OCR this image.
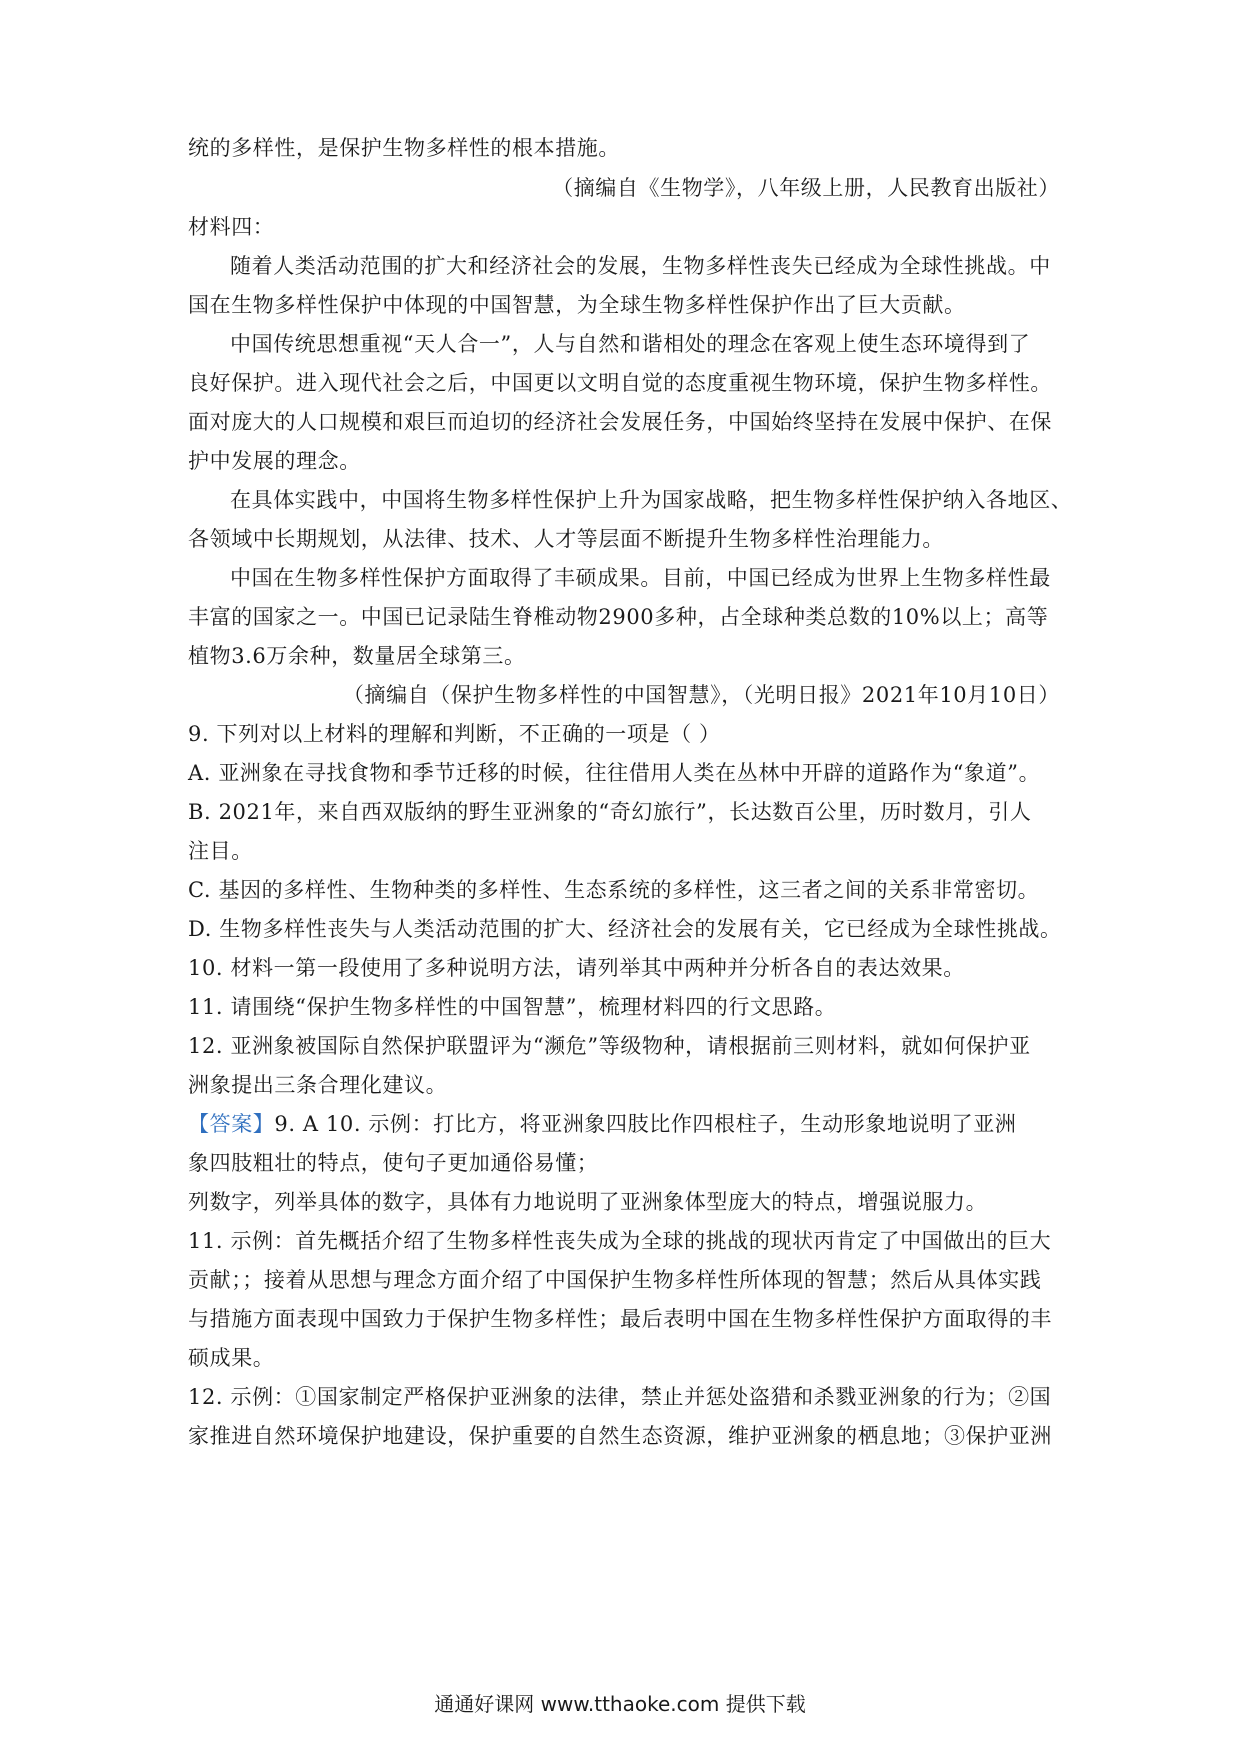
统的多样性，是保护生物多样性的根本措施。
（摘编自《生物学》，八年级上册，人民教育出版社）
材料四：
随着人类活动范围的扩大和经济社会的发展，生物多样性丧失已经成为全球性挑战。中
国在生物多样性保护中体现的中国智慧，为全球生物多样性保护作出了巨大贡献。
中国传统思想重视“天人合一”，人与自然和谐相处的理念在客观上使生态环境得到了
良好保护。进入现代社会之后，中国更以文明自觉的态度重视生物环境，保护生物多样性。
面对庞大的人口规模和艰巨而迫切的经济社会发展任务，中国始终坚持在发展中保护、在保
护中发展的理念。
在具体实践中，中国将生物多样性保护上升为国家战略，把生物多样性保护纳入各地区、
各领域中长期规划，从法律、技术、人才等层面不断提升生物多样性治理能力。
中国在生物多样性保护方面取得了丰硕成果。目前，中国已经成为世界上生物多样性最
丰富的国家之一。中国已记录陆生脊椎动物2900多种，占全球种类总数的10%以上；高等
植物3.6万余种，数量居全球第三。
（摘编自（保护生物多样性的中国智慧》，（光明日报》2021年10月10日）
9. 下列对以上材料的理解和判断，不正确的一项是（ ）
A. 亚洲象在寻找食物和季节迁移的时候，往往借用人类在丛林中开辟的道路作为“象道”。
B. 2021年，来自西双版纳的野生亚洲象的“奇幻旅行”，长达数百公里，历时数月，引人
注目。
C. 基因的多样性、生物种类的多样性、生态系统的多样性，这三者之间的关系非常密切。
D. 生物多样性丧失与人类活动范围的扩大、经济社会的发展有关，它已经成为全球性挑战。
10. 材料一第一段使用了多种说明方法，请列举其中两种并分析各自的表达效果。
11. 请围绕“保护生物多样性的中国智慧”，梳理材料四的行文思路。
12. 亚洲象被国际自然保护联盟评为“濒危”等级物种，请根据前三则材料，就如何保护亚
洲象提出三条合理化建议。
【答案】9. A 10. 示例：打比方，将亚洲象四肢比作四根柱子，生动形象地说明了亚洲
象四肢粗壮的特点，使句子更加通俗易懂；
列数字，列举具体的数字，具体有力地说明了亚洲象体型庞大的特点，增强说服力。
11. 示例：首先概括介绍了生物多样性丧失成为全球的挑战的现状丙肯定了中国做出的巨大
贡献；；接着从思想与理念方面介绍了中国保护生物多样性所体现的智慧；然后从具体实践
与措施方面表现中国致力于保护生物多样性；最后表明中国在生物多样性保护方面取得的丰
硕成果。
12. 示例：①国家制定严格保护亚洲象的法律，禁止并惩处盗猎和杀戮亚洲象的行为；②国
家推进自然环境保护地建设，保护重要的自然生态资源，维护亚洲象的栖息地；③保护亚洲
通通好课网 www.tthaoke.com 提供下载
